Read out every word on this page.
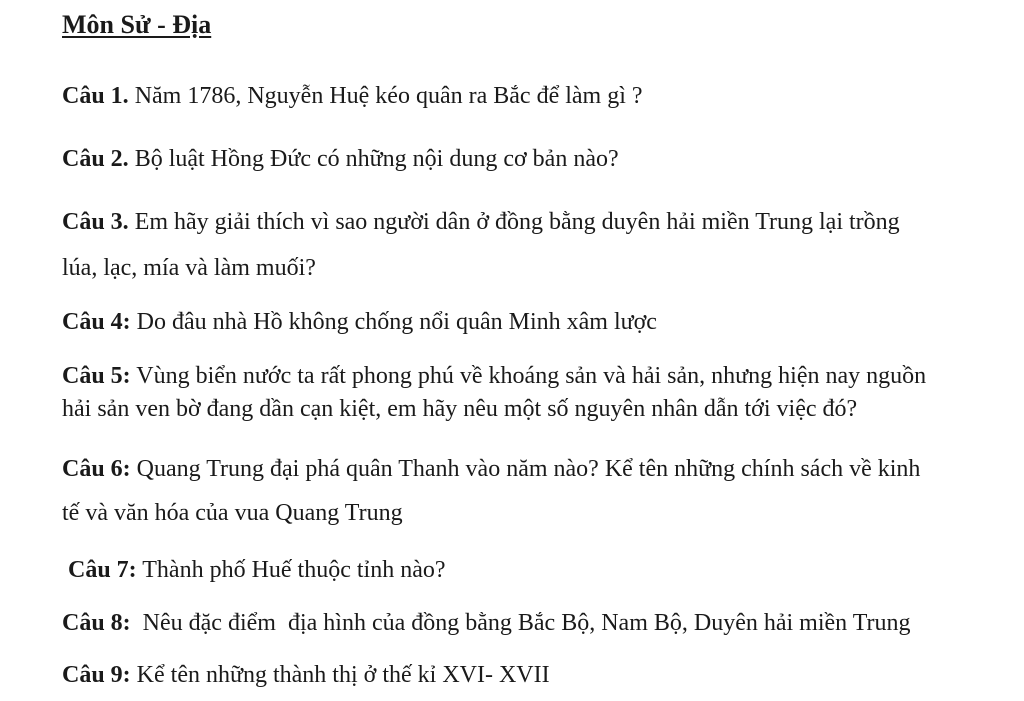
Môn Sử - Địa
Câu 1. Năm 1786, Nguyễn Huệ kéo quân ra Bắc để làm gì ?
Câu 2. Bộ luật Hồng Đức có những nội dung cơ bản nào?
Câu 3. Em hãy giải thích vì sao người dân ở đồng bằng duyên hải miền Trung lại trồng
lúa, lạc, mía và làm muối?
Câu 4: Do đâu nhà Hồ không chống nổi quân Minh xâm lược
Câu 5: Vùng biển nước ta rất phong phú về khoáng sản và hải sản, nhưng hiện nay nguồn
hải sản ven bờ đang dần cạn kiệt, em hãy nêu một số nguyên nhân dẫn tới việc đó?
Câu 6: Quang Trung đại phá quân Thanh vào năm nào? Kể tên những chính sách về kinh
tế và văn hóa của vua Quang Trung
Câu 7: Thành phố Huế thuộc tỉnh nào?
Câu 8:  Nêu đặc điểm  địa hình của đồng bằng Bắc Bộ, Nam Bộ, Duyên hải miền Trung
Câu 9: Kể tên những thành thị ở thế kỉ XVI- XVII
